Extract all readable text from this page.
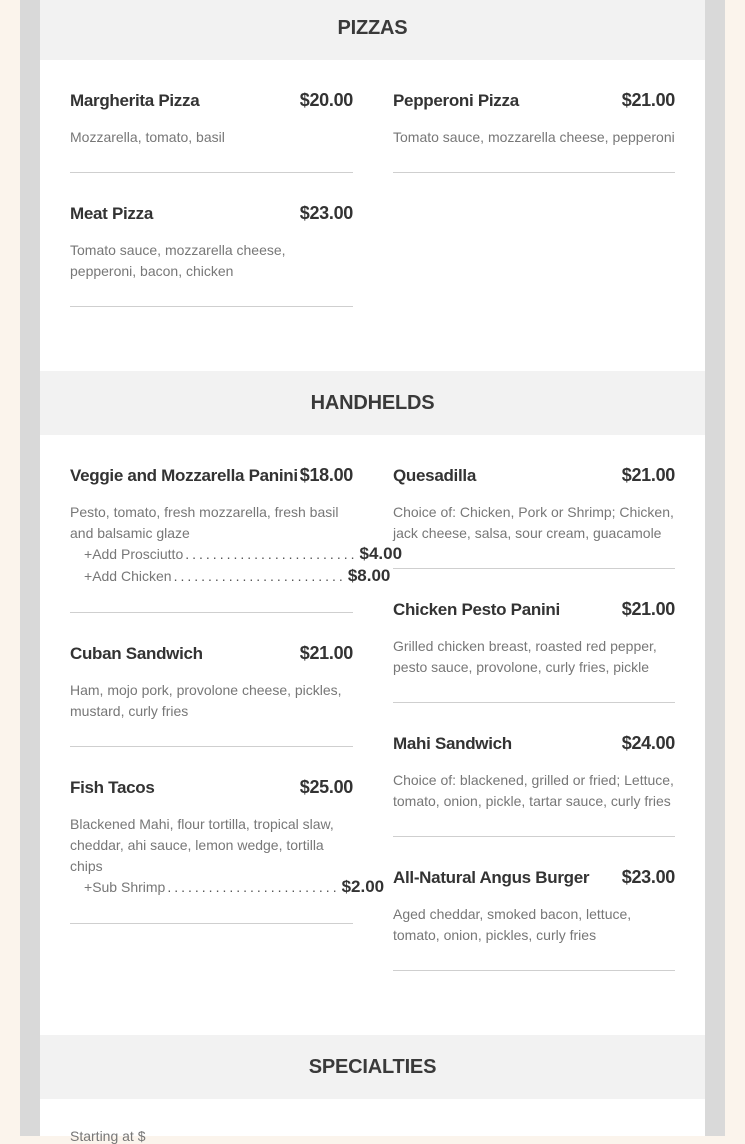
PIZZAS
Margherita Pizza	$20.00
Mozzarella, tomato, basil
Pepperoni Pizza	$21.00
Tomato sauce, mozzarella cheese, pepperoni
Meat Pizza	$23.00
Tomato sauce, mozzarella cheese, pepperoni, bacon, chicken
HANDHELDS
Veggie and Mozzarella Panini $18.00
Pesto, tomato, fresh mozzarella, fresh basil and balsamic glaze
+ Add Prosciutto ......................... $4.00
+ Add Chicken ......................... $8.00
Cuban Sandwich	$21.00
Ham, mojo pork, provolone cheese, pickles, mustard, curly fries
Fish Tacos	$25.00
Blackened Mahi, flour tortilla, tropical slaw, cheddar, ahi sauce, lemon wedge, tortilla chips
+ Sub Shrimp ......................... $2.00
Quesadilla	$21.00
Choice of: Chicken, Pork or Shrimp; Chicken, jack cheese, salsa, sour cream, guacamole
Chicken Pesto Panini	$21.00
Grilled chicken breast, roasted red pepper, pesto sauce, provolone, curly fries, pickle
Mahi Sandwich	$24.00
Choice of: blackened, grilled or fried; Lettuce, tomato, onion, pickle, tartar sauce, curly fries
All-Natural Angus Burger $23.00
Aged cheddar, smoked bacon, lettuce, tomato, onion, pickles, curly fries
SPECIALTIES
Starting at $
